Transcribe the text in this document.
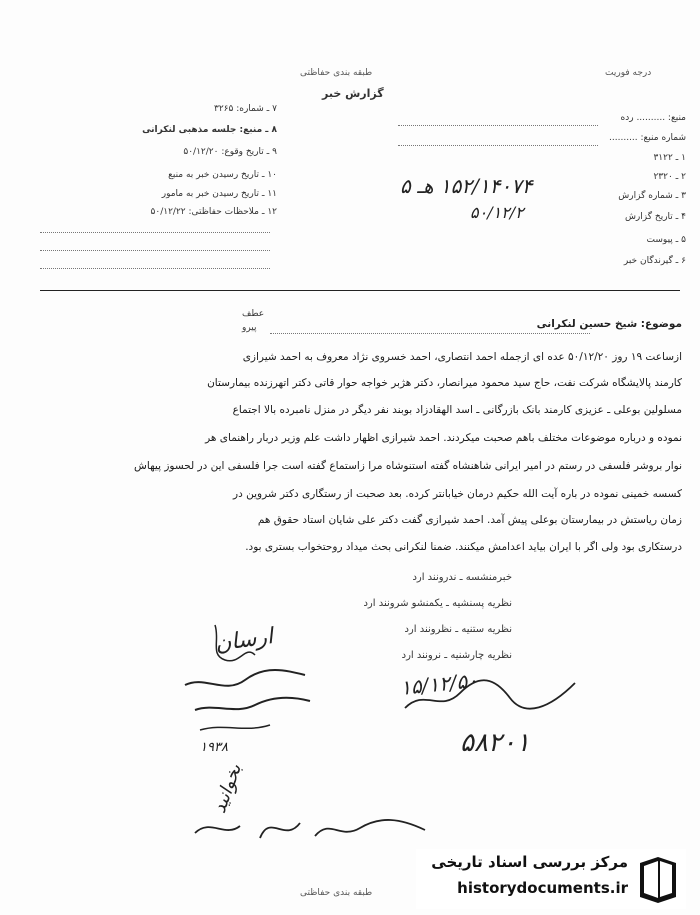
طبقه بندی حفاظتی
گزارش خبر
درجه فوریت
منبع: .......... رده
شماره منبع: ..........
۱ ـ ۳۱۲۲
۲ ـ ۲۳۲۰
۳ ـ شماره گزارش
۱۵۲/۱۴۰۷۴ هـ ۵
۴ ـ تاریخ گزارش
۵۰/۱۲/۲
۵ ـ پیوست
۶ ـ گیرندگان خبر
۷ ـ شماره: ۳۲۶۵
۸ ـ منبع: جلسه مذهبی لنکرانی
۹ ـ تاریخ وقوع: ۵۰/۱۲/۲۰
۱۰ ـ تاریخ رسیدن خبر به منبع
۱۱ ـ تاریخ رسیدن خبر به مامور
۱۲ ـ ملاحظات حفاظتی: ۵۰/۱۲/۲۲
عطف
پیرو	موضوع: شیخ حسین لنکرانی
ازساعت ۱۹ روز ۵۰/۱۲/۲۰ عده ای ازجمله احمد انتصاری، احمد خسروی نژاد معروف به احمد شیرازی
کارمند پالایشگاه شرکت نفت، حاج سید محمود میرانصار، دکتر هژبر خواجه حوار قاتی دکتر اتهرزنده بیمارستان
مسلولین بوعلی ـ عزیزی کارمند بانک بازرگانی ـ اسد الهقادزاد بوبند نفر دیگر در منزل نامبرده بالا اجتماع
نموده و درباره موضوعات مختلف باهم صحبت میکردند. احمد شیرازی اظهار داشت علم وزیر دربار راهنمای هر
نوار بروشر فلسفی در رستم در امیر ایرانی شاهنشاه گفته استنوشاه مرا زاستماع گفته است جرا فلسفی این در لحسوز پیهاش
کسسه خمینی نموده در باره آیت الله حکیم درمان خیابانتر کرده. بعد صحبت از رستگاری دکتر شروین در
زمان ریاستش در بیمارستان بوعلی پیش آمد. احمد شیرازی گفت دکتر علی شایان استاد حقوق هم
درستکاری بود ولی اگر با ایران بیاید اعدامش میکنند. ضمنا لنکرانی بحث میداد روحتخواب بستری بود.
خبرمنشسه ـ ندرونند ارد
نظریه پسنشیه ـ یکمنشو شرونند ارد
نظریه ستنیه ـ نظرونند ارد
نظریه چارشنیه ـ نرونند ارد
ارسان
۱۵/۱۲/۵۰
۵۸۲۰۱
بخوانید
۱۹۳۸
طبقه بندی حفاظتی
مرکز بررسی اسناد تاریخی
historydocuments.ir
